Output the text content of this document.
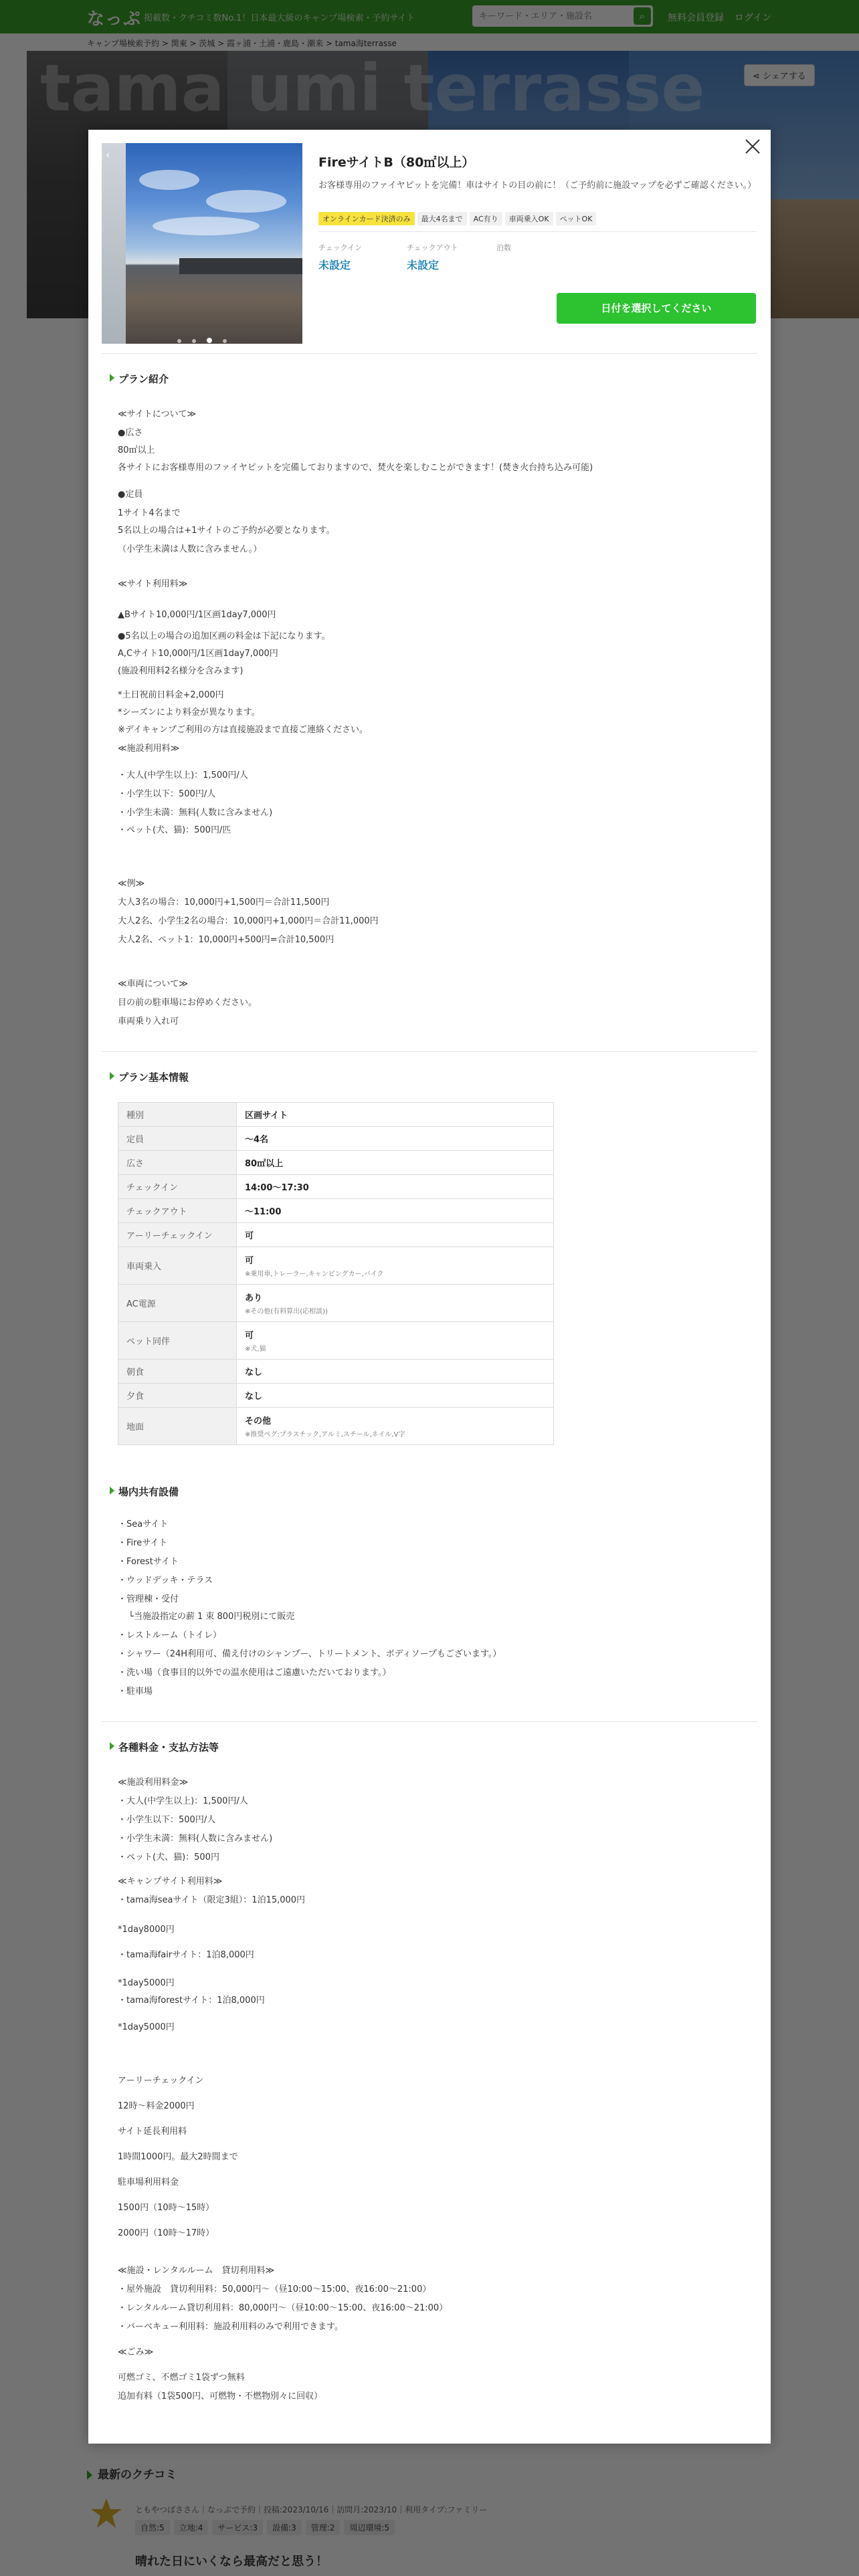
キーワード・エリア・施設名
‹
FireサイトB（80㎡以上）
お客様専用のファイヤピットを完備！車はサイトの目の前に！（ご予約前に施設マップを必ずご確認ください。）
オンラインカード決済のみ 最大4名まで AC有り 車両乗入OK ペットOK
チェックイン
未設定
チェックアウト
未設定
泊数
日付を選択してください
プラン紹介
≪サイトについて≫
●広さ
80㎡以上
各サイトにお客様専用のファイヤピットを完備しておりますので、焚火を楽しむことができます！(焚き火台持ち込み可能)
●定員
1サイト4名まで
5名以上の場合は+1サイトのご予約が必要となります。
（小学生未満は人数に含みません。）
≪サイト利用料≫
▲Bサイト10,000円/1区画1day7,000円
●5名以上の場合の追加区画の料金は下記になります。
A,Cサイト10,000円/1区画1day7,000円
(施設利用料2名様分を含みます)
*土日祝前日料金+2,000円
*シーズンにより料金が異なります。
※デイキャンプご利用の方は直接施設まで直接ご連絡ください。
≪施設利用料≫
・大人(中学生以上)：1,500円/人
・小学生以下：500円/人
・小学生未満：無料(人数に含みません)
・ペット(犬、猫)：500円/匹
≪例≫
大人3名の場合：10,000円+1,500円＝合計11,500円
大人2名、小学生2名の場合：10,000円+1,000円＝合計11,000円
大人2名、ペット1：10,000円+500円=合計10,500円
≪車両について≫
目の前の駐車場にお停めください。
車両乗り入れ可
プラン基本情報
種別	区画サイト
定員	〜4名
広さ	80㎡以上
チェックイン	14:00〜17:30
チェックアウト	〜11:00
アーリーチェックイン	可
車両乗入	可
※乗用車,トレーラー,キャンピングカー,バイク

AC電源	あり
※その他(有料算出(応相談))

ペット同伴	可
※犬,猫

朝食	なし
夕食	なし
地面	その他
※推奨ペグ:プラスチック,アルミ,スチール,ネイル,V字
場内共有設備
・Seaサイト
・Fireサイト
・Forestサイト
・ウッドデッキ・テラス
・管理棟・受付
└当施設指定の薪 1 束 800円税別にて販売
・レストルーム（トイレ）
・シャワー（24H利用可、備え付けのシャンプー、トリートメント、ボディソープもございます。）
・洗い場（食事目的以外での温水使用はご遠慮いただいております。）
・駐車場
各種料金・支払方法等
≪施設利用料金≫
・大人(中学生以上)：1,500円/人
・小学生以下：500円/人
・小学生未満：無料(人数に含みません)
・ペット(犬、猫)：500円
≪キャンプサイト利用料≫
・tama海seaサイト（限定3組）：1泊15,000円
*1day8000円
・tama海fairサイト：1泊8,000円
*1day5000円
・tama海forestサイト：1泊8,000円
*1day5000円
アーリーチェックイン
12時〜料金2000円
サイト延長利用料
1時間1000円。最大2時間まで
駐車場利用料金
1500円（10時〜15時）
2000円（10時〜17時）
≪施設・レンタルルーム　貸切利用料≫
・屋外施設　貸切利用料：50,000円〜（昼10:00〜15:00、夜16:00〜21:00）
・レンタルルーム貸切利用料：80,000円〜（昼10:00〜15:00、夜16:00〜21:00）
・バーベキュー利用料：施設利用料のみで利用できます。
≪ごみ≫
可燃ゴミ、不燃ゴミ1袋ずつ無料
追加有料（1袋500円、可燃物・不燃物別々に回収）
